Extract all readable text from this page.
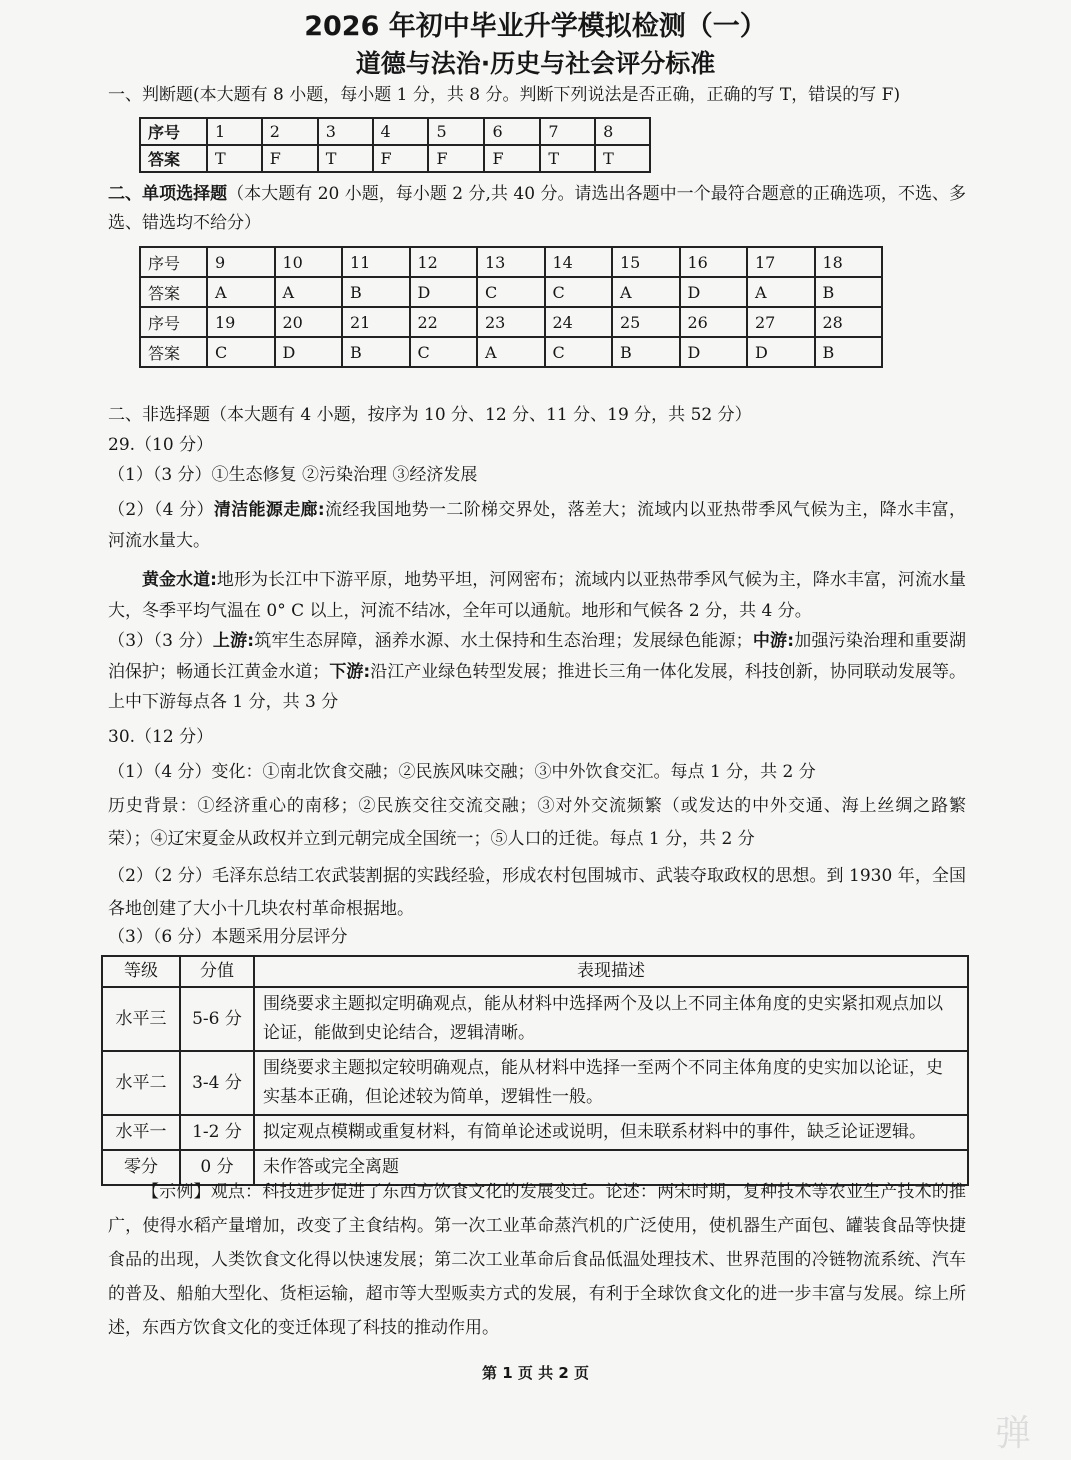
2026 年初中毕业升学模拟检测（一）
道德与法治·历史与社会评分标准
一、判断题(本大题有 8 小题，每小题 1 分，共 8 分。判断下列说法是否正确，正确的写 T，错误的写 F)
序号	1	2	3	4	5	6	7	8
答案	T	F	T	F	F	F	T	T
二、单项选择题（本大题有 20 小题，每小题 2 分,共 40 分。请选出各题中一个最符合题意的正确选项，不选、多选、错选均不给分）
序号	9	10	11	12	13	14	15	16	17	18
答案	A	A	B	D	C	C	A	D	A	B
序号	19	20	21	22	23	24	25	26	27	28
答案	C	D	B	C	A	C	B	D	D	B
二、非选择题（本大题有 4 小题，按序为 10 分、12 分、11 分、19 分，共 52 分）
29.（10 分）
（1）（3 分）①生态修复 ②污染治理 ③经济发展
（2）（4 分）清洁能源走廊:流经我国地势一二阶梯交界处，落差大；流域内以亚热带季风气候为主，降水丰富，河流水量大。
黄金水道:地形为长江中下游平原，地势平坦，河网密布；流域内以亚热带季风气候为主，降水丰富，河流水量大，冬季平均气温在 0° C 以上，河流不结冰，全年可以通航。地形和气候各 2 分，共 4 分。
（3）（3 分）上游:筑牢生态屏障，涵养水源、水土保持和生态治理；发展绿色能源；中游:加强污染治理和重要湖泊保护；畅通长江黄金水道；下游:沿江产业绿色转型发展；推进长三角一体化发展，科技创新，协同联动发展等。上中下游每点各 1 分，共 3 分
30.（12 分）
（1）（4 分）变化：①南北饮食交融；②民族风味交融；③中外饮食交汇。每点 1 分，共 2 分
历史背景：①经济重心的南移；②民族交往交流交融；③对外交流频繁（或发达的中外交通、海上丝绸之路繁荣）；④辽宋夏金从政权并立到元朝完成全国统一；⑤人口的迁徙。每点 1 分，共 2 分
（2）（2 分）毛泽东总结工农武装割据的实践经验，形成农村包围城市、武装夺取政权的思想。到 1930 年，全国各地创建了大小十几块农村革命根据地。
（3）（6 分）本题采用分层评分
等级	分值	表现描述
水平三	5-6 分	围绕要求主题拟定明确观点，能从材料中选择两个及以上不同主体角度的史实紧扣观点加以论证，能做到史论结合，逻辑清晰。
水平二	3-4 分	围绕要求主题拟定较明确观点，能从材料中选择一至两个不同主体角度的史实加以论证，史实基本正确，但论述较为简单，逻辑性一般。
水平一	1-2 分	拟定观点模糊或重复材料，有简单论述或说明，但未联系材料中的事件，缺乏论证逻辑。
零分	0 分	未作答或完全离题
【示例】观点：科技进步促进了东西方饮食文化的发展变迁。论述：两宋时期，复种技术等农业生产技术的推广，使得水稻产量增加，改变了主食结构。第一次工业革命蒸汽机的广泛使用，使机器生产面包、罐装食品等快捷食品的出现，人类饮食文化得以快速发展；第二次工业革命后食品低温处理技术、世界范围的冷链物流系统、汽车的普及、船舶大型化、货柜运输，超市等大型贩卖方式的发展，有利于全球饮食文化的进一步丰富与发展。综上所述，东西方饮食文化的变迁体现了科技的推动作用。
第 1 页 共 2 页
弹
